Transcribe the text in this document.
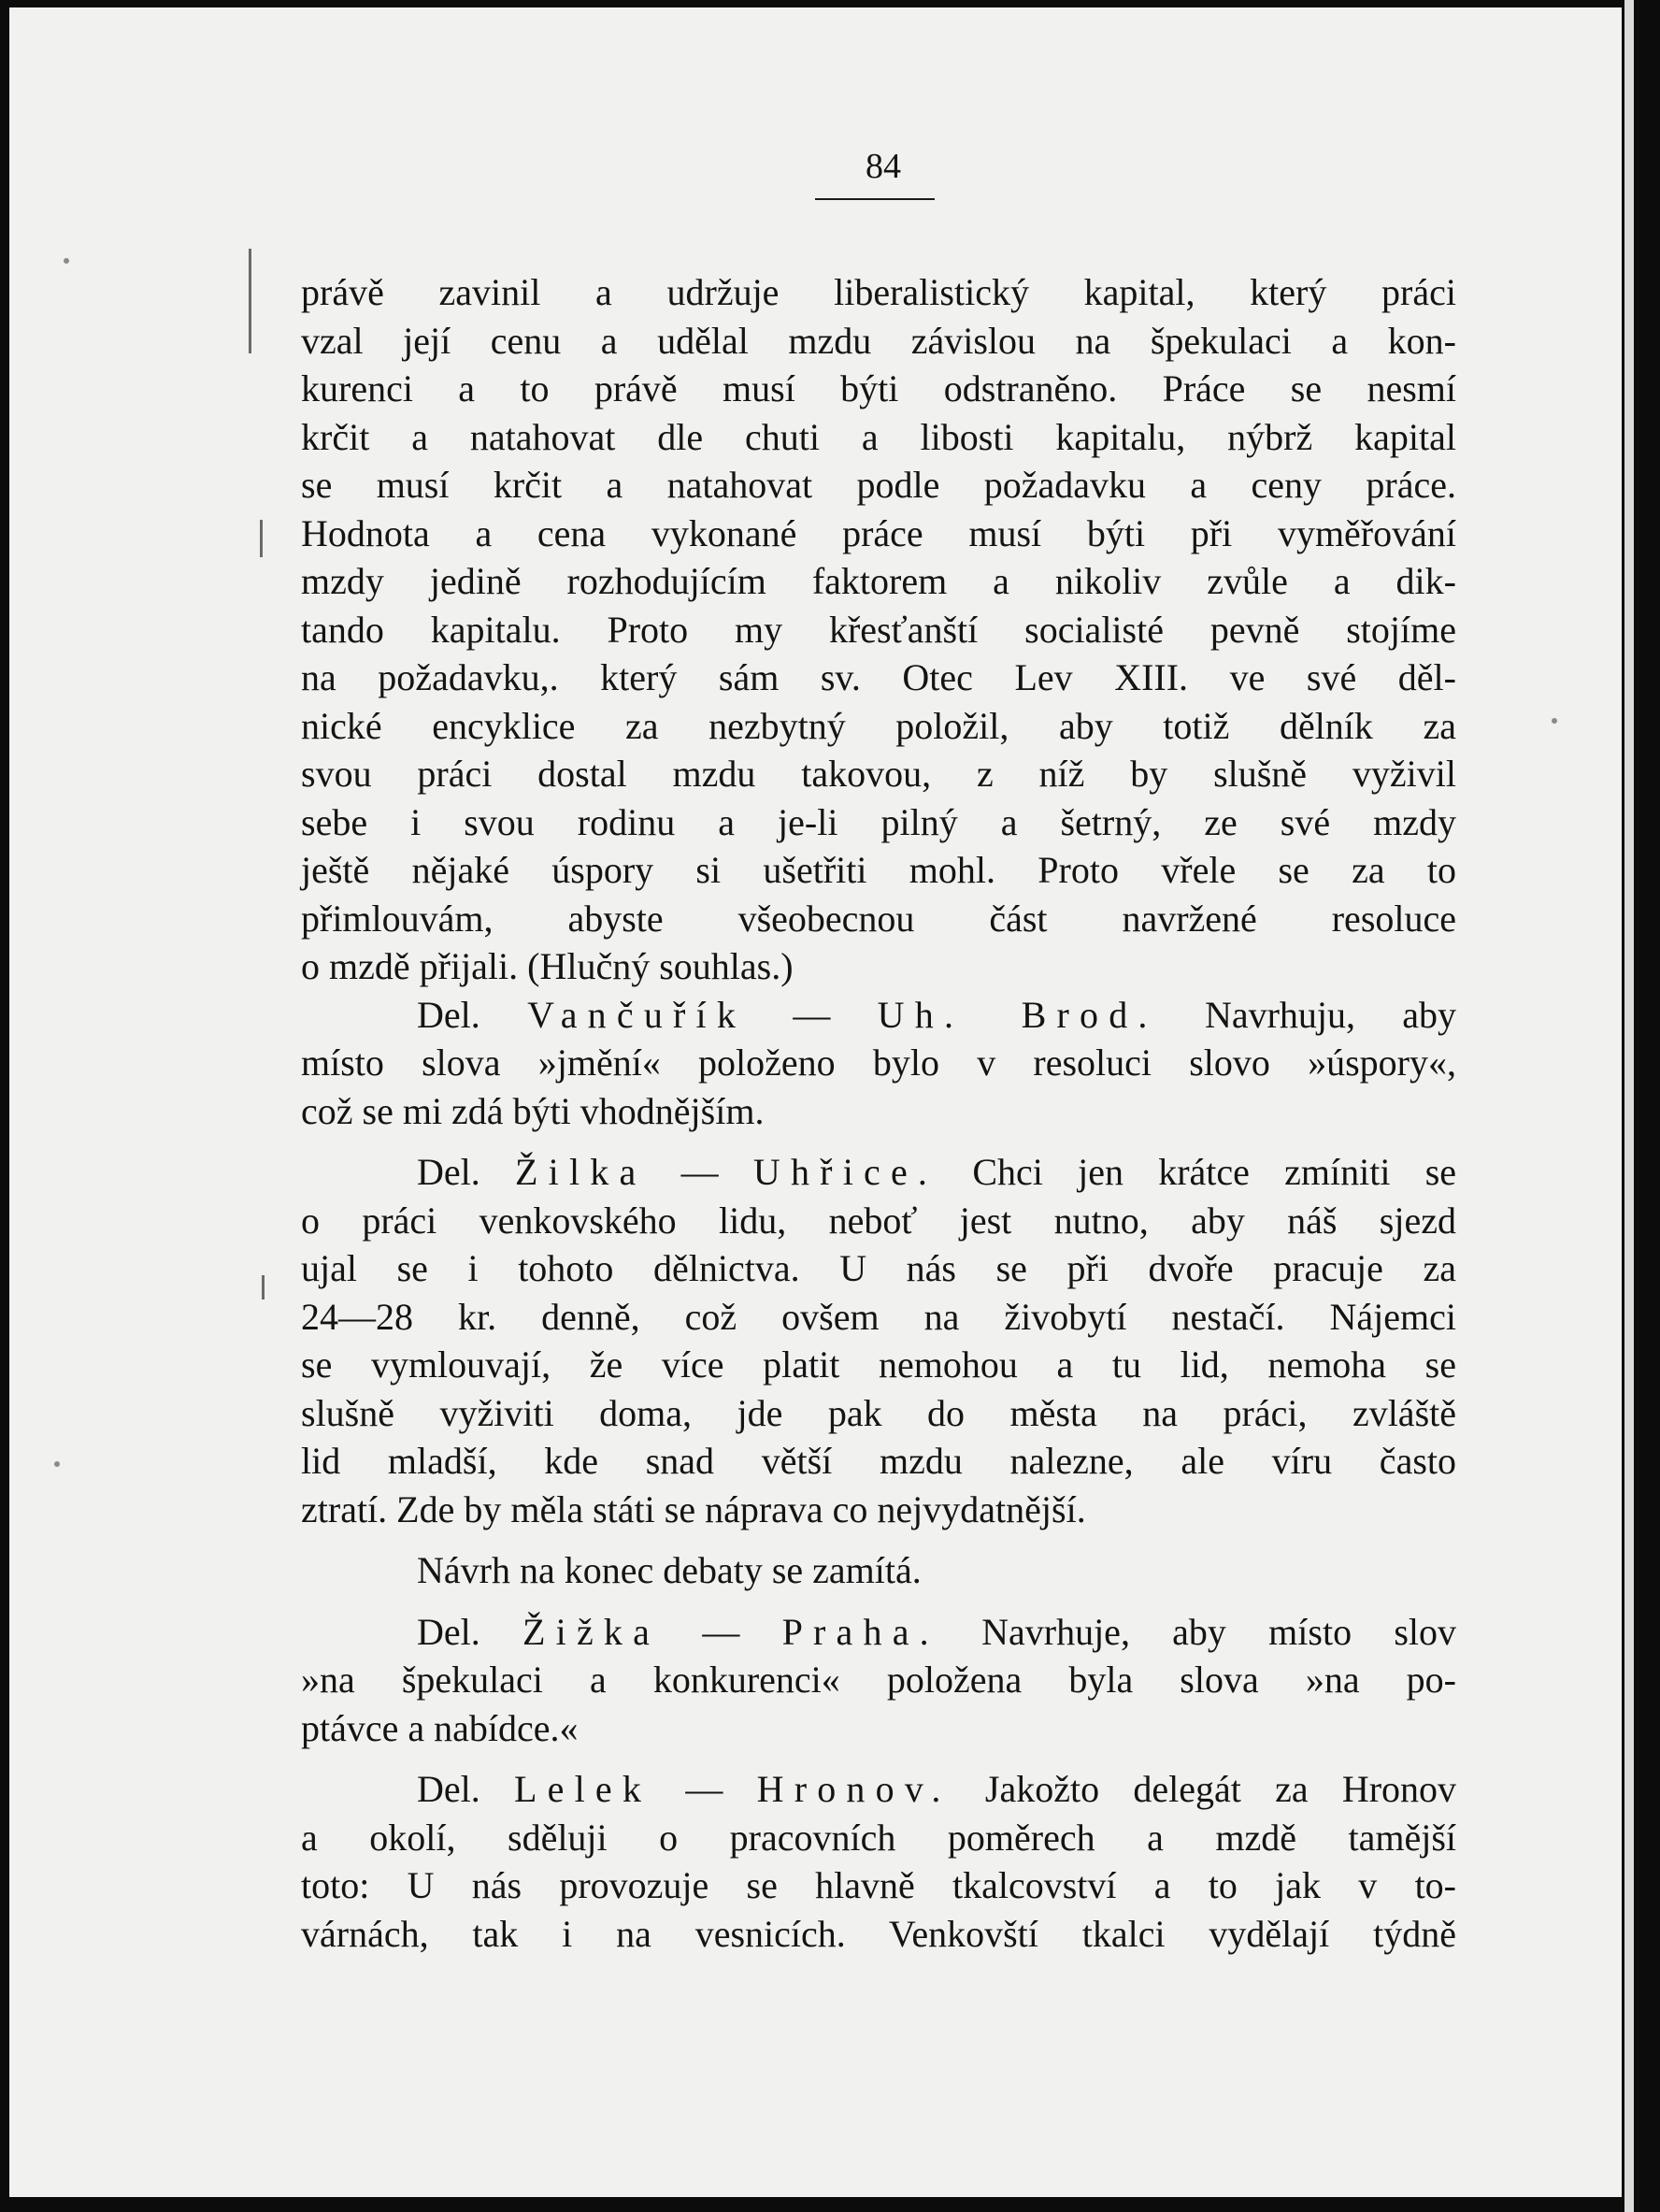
84
právě zavinil a udržuje liberalistický kapital, který práci
vzal její cenu a udělal mzdu závislou na špekulaci a kon-
kurenci a to právě musí býti odstraněno. Práce se nesmí
krčit a natahovat dle chuti a libosti kapitalu, nýbrž kapital
se musí krčit a natahovat podle požadavku a ceny práce.
Hodnota a cena vykonané práce musí býti při vyměřování
mzdy jedině rozhodujícím faktorem a nikoliv zvůle a dik-
tando kapitalu. Proto my křesťanští socialisté pevně stojíme
na požadavku,. který sám sv. Otec Lev XIII. ve své děl-
nické encyklice za nezbytný položil, aby totiž dělník za
svou práci dostal mzdu takovou, z níž by slušně vyživil
sebe i svou rodinu a je-li pilný a šetrný, ze své mzdy
ještě nějaké úspory si ušetřiti mohl. Proto vřele se za to
přimlouvám, abyste všeobecnou část navržené resoluce
o mzdě přijali. (Hlučný souhlas.)
Del. Vančuřík — Uh. Brod. Navrhuju, aby
místo slova »jmění« položeno bylo v resoluci slovo »úspory«,
což se mi zdá býti vhodnějším.
Del. Žilka — Uhřice. Chci jen krátce zmíniti se
o práci venkovského lidu, neboť jest nutno, aby náš sjezd
ujal se i tohoto dělnictva. U nás se při dvoře pracuje za
24—28 kr. denně, což ovšem na živobytí nestačí. Nájemci
se vymlouvají, že více platit nemohou a tu lid, nemoha se
slušně vyživiti doma, jde pak do města na práci, zvláště
lid mladší, kde snad větší mzdu nalezne, ale víru často
ztratí. Zde by měla státi se náprava co nejvydatnější.
Návrh na konec debaty se zamítá.
Del. Žižka — Praha. Navrhuje, aby místo slov
»na špekulaci a konkurenci« položena byla slova »na po-
ptávce a nabídce.«
Del. Lelek — Hronov. Jakožto delegát za Hronov
a okolí, sděluji o pracovních poměrech a mzdě tamější
toto: U nás provozuje se hlavně tkalcovství a to jak v to-
várnách, tak i na vesnicích. Venkovští tkalci vydělají týdně
